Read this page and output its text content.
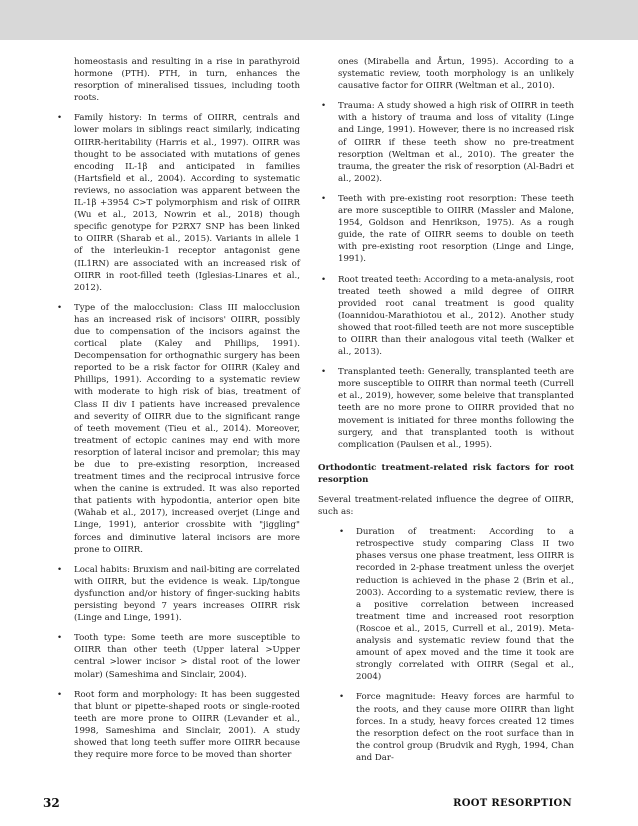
homeostasis and resulting in a rise in parathyroid hormone (PTH). PTH, in turn, enhances the resorption of mineralised tissues, including tooth roots.

• Family history: In terms of OIIRR, centrals and lower molars in siblings react similarly, indicating OIIRR-heritability (Harris et al., 1997). OIIRR was thought to be associated with mutations of genes encoding IL-1β and anticipated in families (Hartsfield et al., 2004). According to systematic reviews, no association was apparent between the IL-1β +3954 C>T polymorphism and risk of OIIRR (Wu et al., 2013, Nowrin et al., 2018) though specific genotype for P2RX7 SNP has been linked to OIIRR (Sharab et al., 2015). Variants in allele 1 of the interleukin-1 receptor antagonist gene (IL1RN) are associated with an increased risk of OIIRR in root-filled teeth (Iglesias-Linares et al., 2012).
• Type of the malocclusion: Class III malocclusion has an increased risk of incisors' OIIRR, possibly due to compensation of the incisors against the cortical plate (Kaley and Phillips, 1991). Decompensation for orthognathic surgery has been reported to be a risk factor for OIIRR (Kaley and Phillips, 1991). According to a systematic review with moderate to high risk of bias, treatment of Class II div I patients have increased prevalence and severity of OIIRR due to the significant range of teeth movement (Tieu et al., 2014). Moreover, treatment of ectopic canines may end with more resorption of lateral incisor and premolar; this may be due to pre-existing resorption, increased treatment times and the reciprocal intrusive force when the canine is extruded. It was also reported that patients with hypodontia, anterior open bite (Wahab et al., 2017), increased overjet (Linge and Linge, 1991), anterior crossbite with "jiggling" forces and diminutive lateral incisors are more prone to OIIRR.
• Local habits: Bruxism and nail-biting are correlated with OIIRR, but the evidence is weak. Lip/tongue dysfunction and/or history of finger-sucking habits persisting beyond 7 years increases OIIRR risk (Linge and Linge, 1991).
• Tooth type: Some teeth are more susceptible to OIIRR than other teeth (Upper lateral >Upper central >lower incisor > distal root of the lower molar) (Sameshima and Sinclair, 2004).
• Root form and morphology: It has been suggested that blunt or pipette-shaped roots or single-rooted teeth are more prone to OIIRR (Levander et al., 1998, Sameshima and Sinclair, 2001). A study showed that long teeth suffer more OIIRR because they require more force to be moved than shorter

ones (Mirabella and Årtun, 1995). According to a systematic review, tooth morphology is an unlikely causative factor for OIIRR (Weltman et al., 2010).

• Trauma: A study showed a high risk of OIIRR in teeth with a history of trauma and loss of vitality (Linge and Linge, 1991). However, there is no increased risk of OIIRR if these teeth show no pre-treatment resorption (Weltman et al., 2010). The greater the trauma, the greater the risk of resorption (Al-Badri et al., 2002).
• Teeth with pre-existing root resorption: These teeth are more susceptible to OIIRR (Massler and Malone, 1954, Goldson and Henrikson, 1975). As a rough guide, the rate of OIIRR seems to double on teeth with pre-existing root resorption (Linge and Linge, 1991).
• Root treated teeth: According to a meta-analysis, root treated teeth showed a mild degree of OIIRR provided root canal treatment is good quality (Ioannidou-Marathiotou et al., 2012). Another study showed that root-filled teeth are not more susceptible to OIIRR than their analogous vital teeth (Walker et al., 2013).
• Transplanted teeth: Generally, transplanted teeth are more susceptible to OIIRR than normal teeth (Currell et al., 2019), however, some beleive that transplanted teeth are no more prone to OIIRR provided that no movement is initiated for three months following the surgery, and that transplanted tooth is without complication (Paulsen et al., 1995).

Orthodontic treatment-related risk factors for root resorption

Several treatment-related influence the degree of OIIRR, such as:

• Duration of treatment: According to a retrospective study comparing Class II two phases versus one phase treatment, less OIIRR is recorded in 2-phase treatment unless the overjet reduction is achieved in the phase 2 (Brin et al., 2003). According to a systematic review, there is a positive correlation between increased treatment time and increased root resorption (Roscoe et al., 2015, Currell et al., 2019). Meta-analysis and systematic review found that the amount of apex moved and the time it took are strongly correlated with OIIRR (Segal et al., 2004)
• Force magnitude: Heavy forces are harmful to the roots, and they cause more OIIRR than light forces. In a study, heavy forces created 12 times the resorption defect on the root surface than in the control group (Brudvik and Rygh, 1994, Chan and Dar-
32	ROOT RESORPTION
